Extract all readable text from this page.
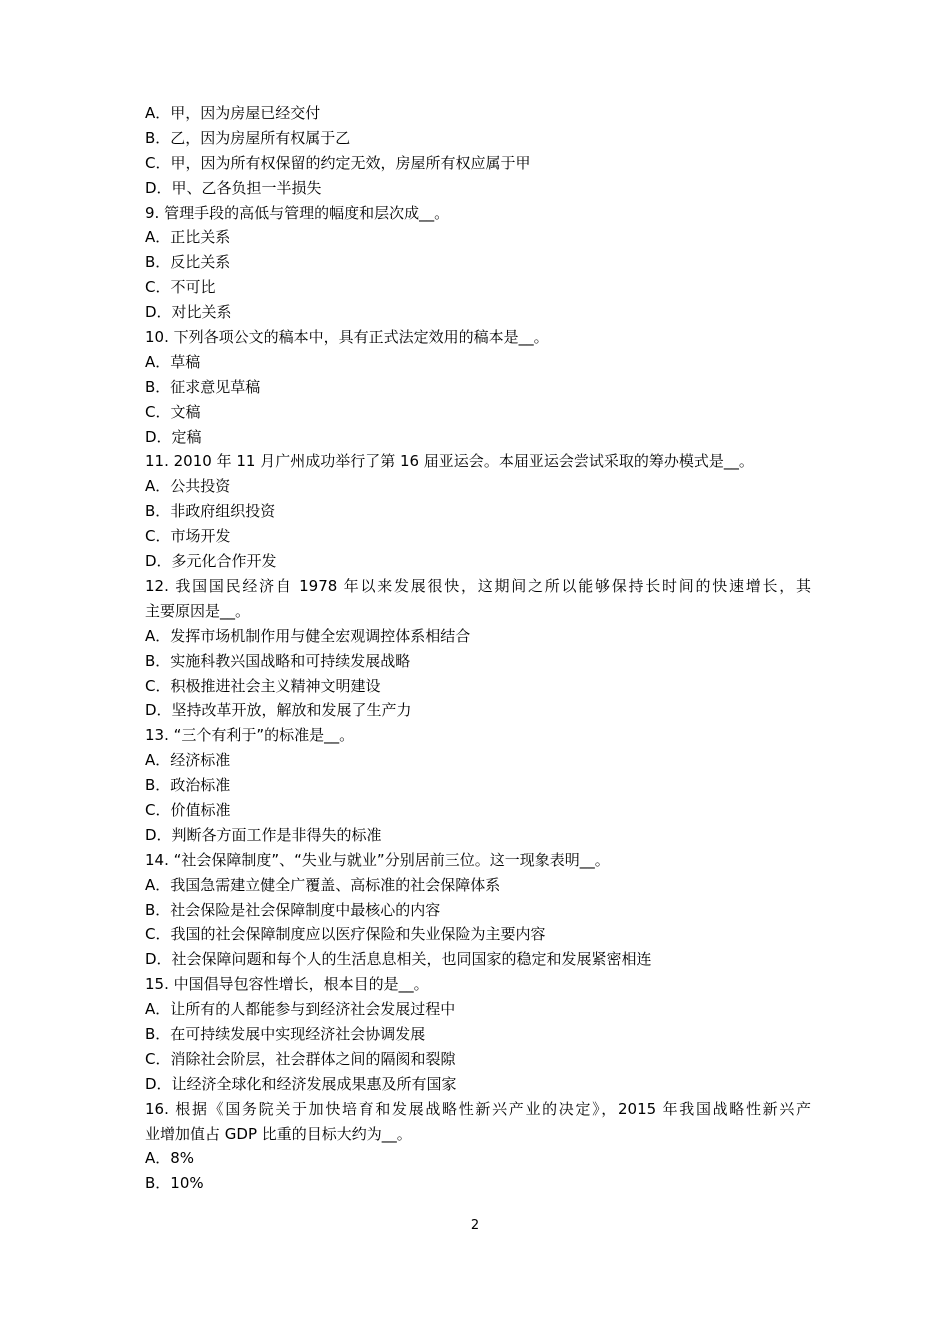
A．甲，因为房屋已经交付
B．乙，因为房屋所有权属于乙
C．甲，因为所有权保留的约定无效，房屋所有权应属于甲
D．甲、乙各负担一半损失
9. 管理手段的高低与管理的幅度和层次成__。
A．正比关系
B．反比关系
C．不可比
D．对比关系
10. 下列各项公文的稿本中，具有正式法定效用的稿本是__。
A．草稿
B．征求意见草稿
C．文稿
D．定稿
11. 2010 年 11 月广州成功举行了第 16 届亚运会。本届亚运会尝试采取的筹办模式是__。
A．公共投资
B．非政府组织投资
C．市场开发
D．多元化合作开发
12. 我国国民经济自 1978 年以来发展很快，这期间之所以能够保持长时间的快速增长，其
主要原因是__。
A．发挥市场机制作用与健全宏观调控体系相结合
B．实施科教兴国战略和可持续发展战略
C．积极推进社会主义精神文明建设
D．坚持改革开放，解放和发展了生产力
13. “三个有利于”的标准是__。
A．经济标准
B．政治标准
C．价值标准
D．判断各方面工作是非得失的标准
14. “社会保障制度”、“失业与就业”分别居前三位。这一现象表明__。
A．我国急需建立健全广覆盖、高标准的社会保障体系
B．社会保险是社会保障制度中最核心的内容
C．我国的社会保障制度应以医疗保险和失业保险为主要内容
D．社会保障问题和每个人的生活息息相关，也同国家的稳定和发展紧密相连
15. 中国倡导包容性增长，根本目的是__。
A．让所有的人都能参与到经济社会发展过程中
B．在可持续发展中实现经济社会协调发展
C．消除社会阶层，社会群体之间的隔阂和裂隙
D．让经济全球化和经济发展成果惠及所有国家
16. 根据《国务院关于加快培育和发展战略性新兴产业的决定》，2015 年我国战略性新兴产
业增加值占 GDP 比重的目标大约为__。
A．8%
B．10%
2
